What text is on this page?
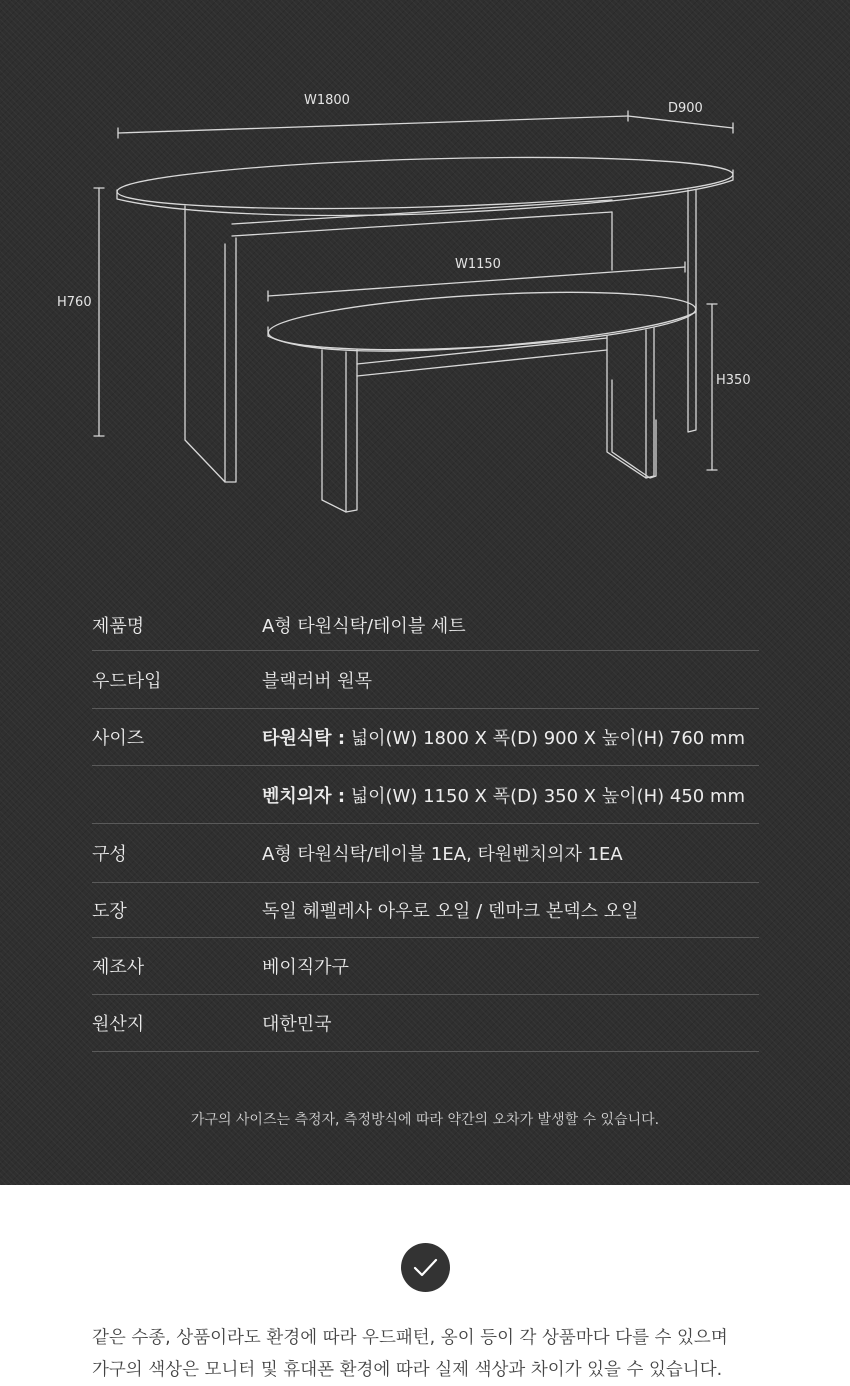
W1800
D900
H760
W1150
H350
제품명	A형 타원식탁/테이블 세트
우드타입	블랙러버 원목
사이즈	타원식탁 : 넓이(W) 1800 X 폭(D) 900 X 높이(H) 760 mm
벤치의자 : 넓이(W) 1150 X 폭(D) 350 X 높이(H) 450 mm
구성	A형 타원식탁/테이블 1EA, 타원벤치의자 1EA
도장	독일 헤펠레사 아우로 오일 / 덴마크 본덱스 오일
제조사	베이직가구
원산지	대한민국
가구의 사이즈는 측정자, 측정방식에 따라 약간의 오차가 발생할 수 있습니다.
같은 수종, 상품이라도 환경에 따라 우드패턴, 옹이 등이 각 상품마다 다를 수 있으며
가구의 색상은 모니터 및 휴대폰 환경에 따라 실제 색상과 차이가 있을 수 있습니다.
